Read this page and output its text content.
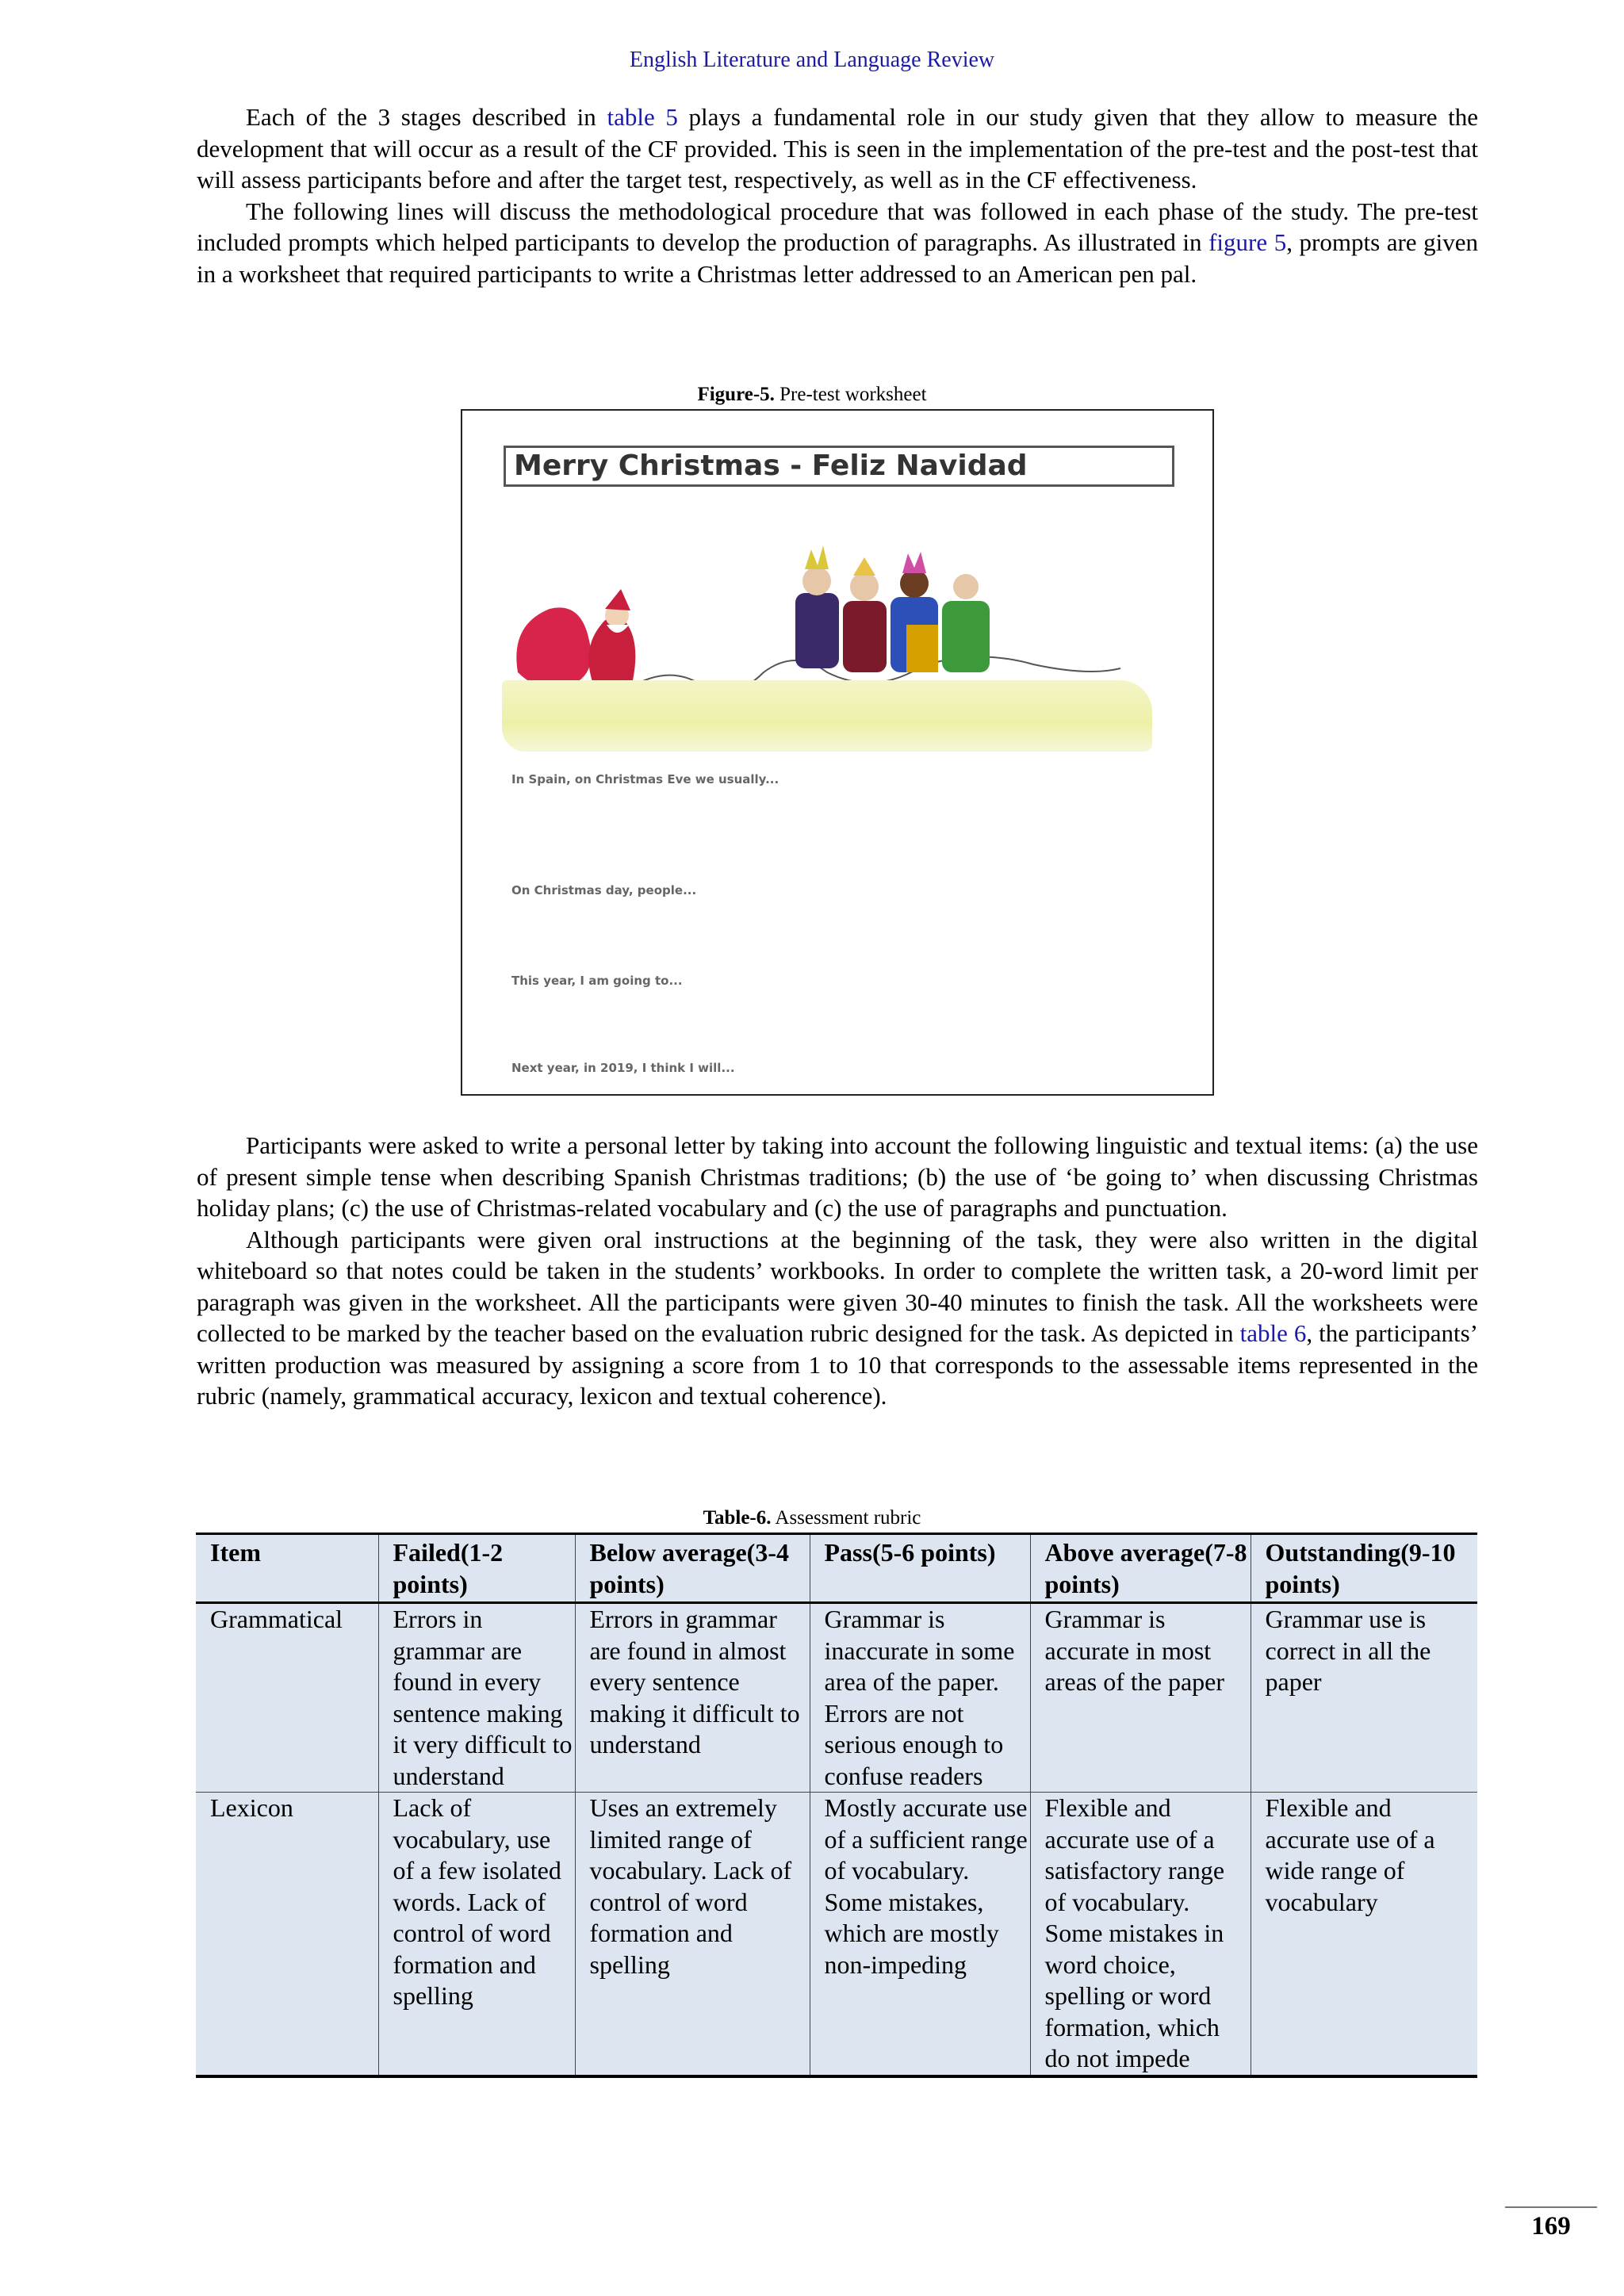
English Literature and Language Review

Each of the 3 stages described in table 5 plays a fundamental role in our study given that they allow to measure the development that will occur as a result of the CF provided. This is seen in the implementation of the pre-test and the post-test that will assess participants before and after the target test, respectively, as well as in the CF effectiveness.

The following lines will discuss the methodological procedure that was followed in each phase of the study. The pre-test included prompts which helped participants to develop the production of paragraphs. As illustrated in figure 5, prompts are given in a worksheet that required participants to write a Christmas letter addressed to an American pen pal.

Figure-5. Pre-test worksheet
Merry Christmas - Feliz Navidad
In Spain, on Christmas Eve we usually...
On Christmas day, people...
This year, I am going to...
Next year, in 2019, I think I will...

Participants were asked to write a personal letter by taking into account the following linguistic and textual items: (a) the use of present simple tense when describing Spanish Christmas traditions; (b) the use of ‘be going to’ when discussing Christmas holiday plans; (c) the use of Christmas-related vocabulary and (c) the use of paragraphs and punctuation.

Although participants were given oral instructions at the beginning of the task, they were also written in the digital whiteboard so that notes could be taken in the students’ workbooks. In order to complete the written task, a 20-word limit per paragraph was given in the worksheet. All the participants were given 30-40 minutes to finish the task. All the worksheets were collected to be marked by the teacher based on the evaluation rubric designed for the task. As depicted in table 6, the participants’ written production was measured by assigning a score from 1 to 10 that corresponds to the assessable items represented in the rubric (namely, grammatical accuracy, lexicon and textual coherence).

Table-6. Assessment rubric
Item	Failed(1-2 points)	Below average(3-4 points)	Pass(5-6 points)	Above average(7-8 points)	Outstanding(9-10 points)
Grammatical	Errors in grammar are found in every sentence making it very difficult to understand	Errors in grammar are found in almost every sentence making it difficult to understand	Grammar is inaccurate in some area of the paper. Errors are not serious enough to confuse readers	Grammar is accurate in most areas of the paper	Grammar use is correct in all the paper
Lexicon	Lack of vocabulary, use of a few isolated words. Lack of control of word formation and spelling	Uses an extremely limited range of vocabulary. Lack of control of word formation and spelling	Mostly accurate use of a sufficient range of vocabulary. Some mistakes, which are mostly non-impeding	Flexible and accurate use of a satisfactory range of vocabulary. Some mistakes in word choice, spelling or word formation, which do not impede	Flexible and accurate use of a wide range of vocabulary
169
